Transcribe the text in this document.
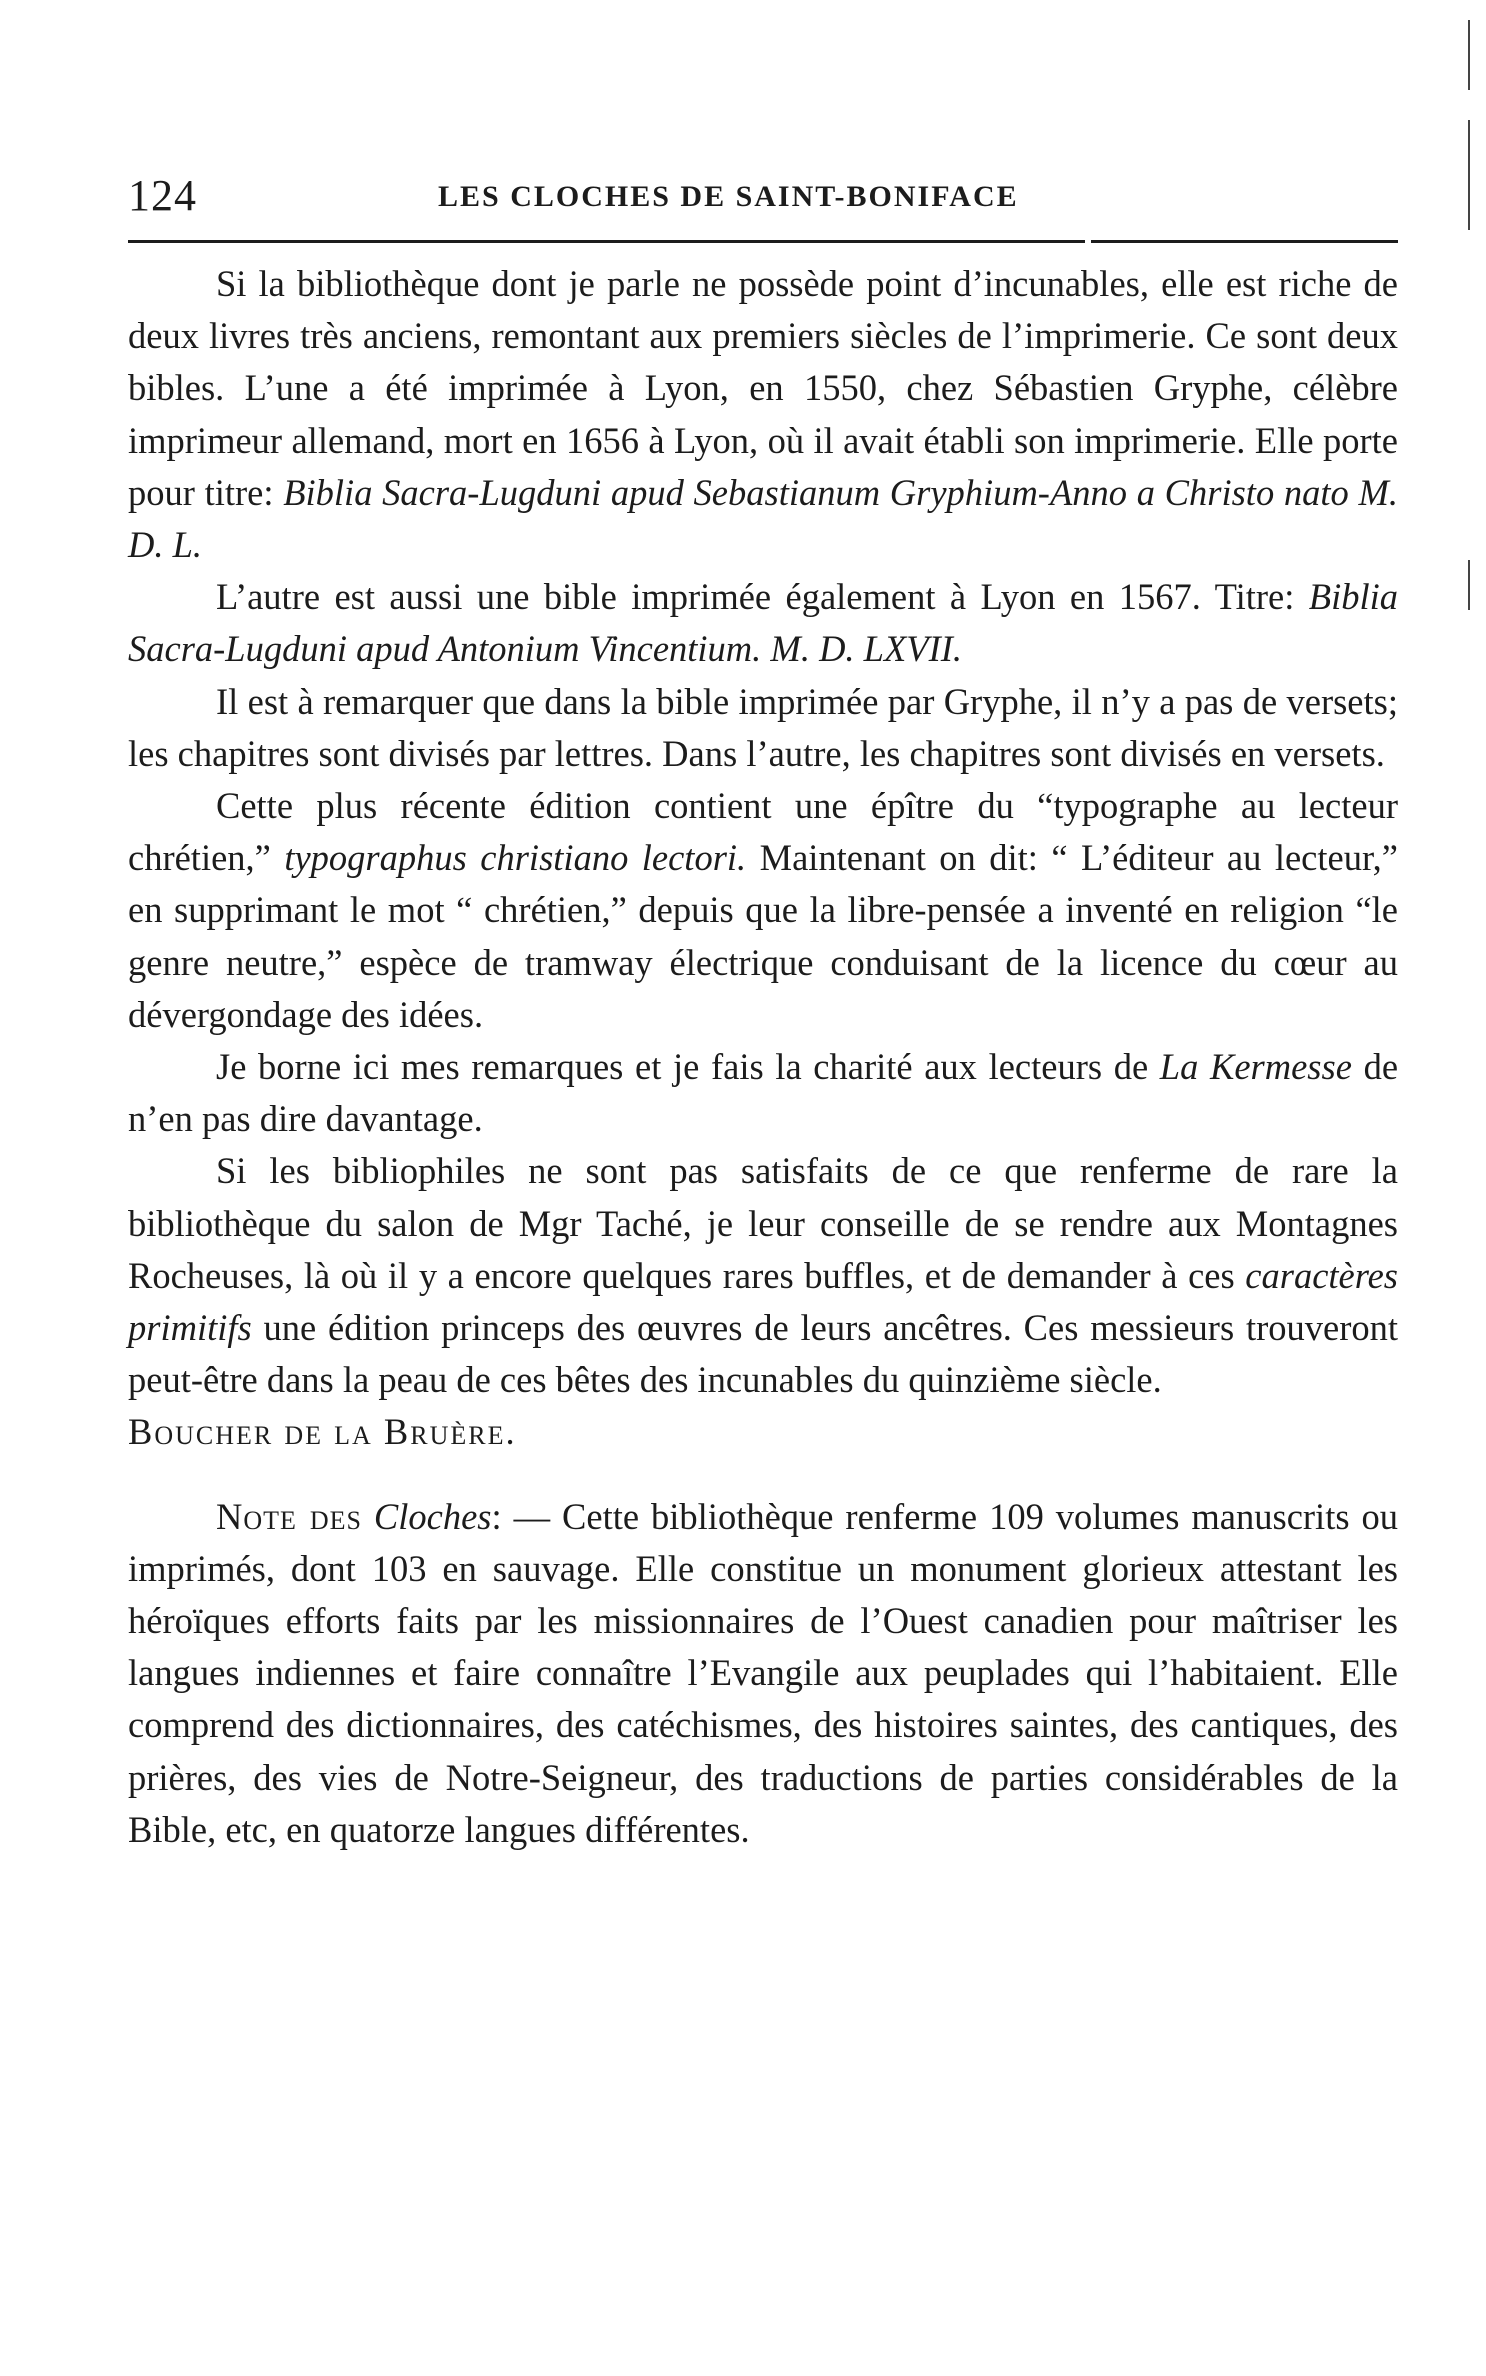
124	LES CLOCHES DE SAINT-BONIFACE

Si la bibliothèque dont je parle ne possède point d’incunables, elle est riche de deux livres très anciens, remontant aux premiers siècles de l’imprimerie. Ce sont deux bibles. L’une a été imprimée à Lyon, en 1550, chez Sébastien Gryphe, célèbre imprimeur allemand, mort en 1656 à Lyon, où il avait établi son imprimerie. Elle porte pour titre: Biblia Sacra-Lugduni apud Sebastianum Gryphium-Anno a Christo nato M. D. L.

L’autre est aussi une bible imprimée également à Lyon en 1567. Titre: Biblia Sacra-Lugduni apud Antonium Vincentium. M. D. LXVII.

Il est à remarquer que dans la bible imprimée par Gryphe, il n’y a pas de versets; les chapitres sont divisés par lettres. Dans l’autre, les chapitres sont divisés en versets.

Cette plus récente édition contient une épître du “typographe au lecteur chrétien,” typographus christiano lectori. Maintenant on dit: “ L’éditeur au lecteur,” en supprimant le mot “ chrétien,” depuis que la libre-pensée a inventé en religion “le genre neutre,” espèce de tramway électrique conduisant de la licence du cœur au dévergondage des idées.

Je borne ici mes remarques et je fais la charité aux lecteurs de La Kermesse de n’en pas dire davantage.

Si les bibliophiles ne sont pas satisfaits de ce que renferme de rare la bibliothèque du salon de Mgr Taché, je leur conseille de se rendre aux Montagnes Rocheuses, là où il y a encore quelques rares buffles, et de demander à ces caractères primitifs une édition princeps des œuvres de leurs ancêtres. Ces messieurs trouveront peut-être dans la peau de ces bêtes des incunables du quinzième siècle.

Boucher de la Bruère.

Note des Cloches: — Cette bibliothèque renferme 109 volumes manuscrits ou imprimés, dont 103 en sauvage. Elle constitue un monument glorieux attestant les héroïques efforts faits par les missionnaires de l’Ouest canadien pour maîtriser les langues indiennes et faire connaître l’Evangile aux peuplades qui l’habitaient. Elle comprend des dictionnaires, des catéchismes, des histoires saintes, des cantiques, des prières, des vies de Notre-Seigneur, des traductions de parties considérables de la Bible, etc, en quatorze langues différentes.
